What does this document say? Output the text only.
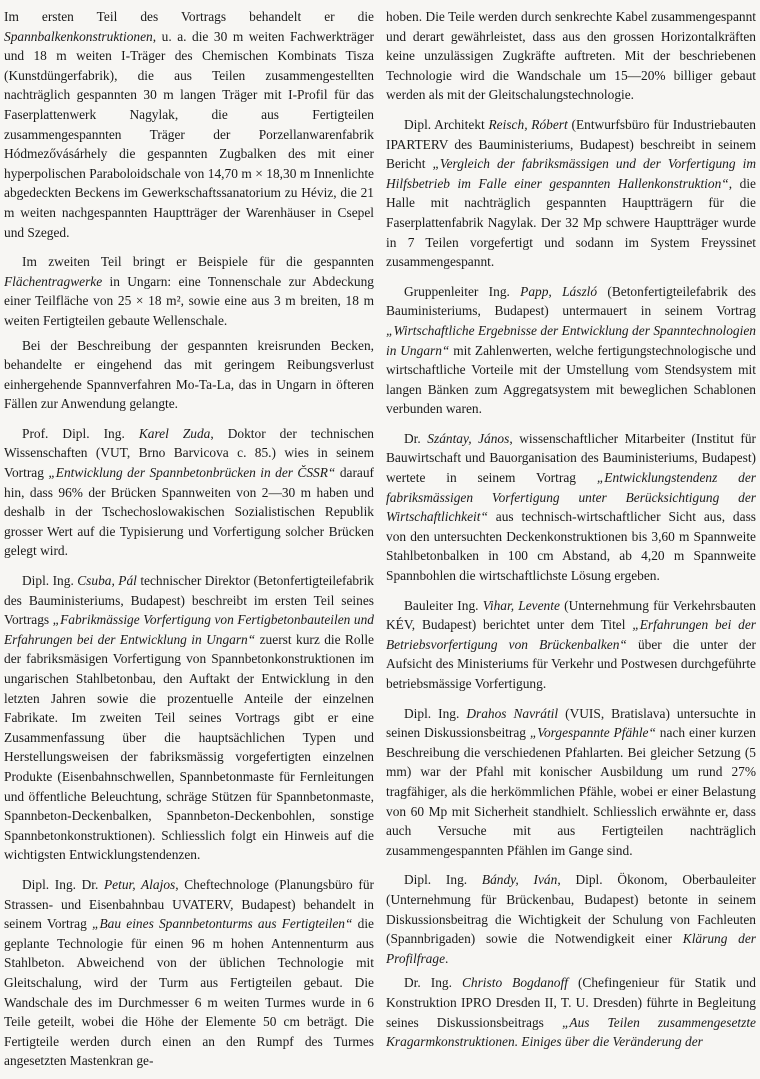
Im ersten Teil des Vortrags behandelt er die Spannbalkenkonstruktionen, u. a. die 30 m weiten Fachwerkträger und 18 m weiten I-Träger des Chemischen Kombinats Tisza (Kunstdüngerfabrik), die aus Teilen zusammengestellten nachträglich gespannten 30 m langen Träger mit I-Profil für das Faserplattenwerk Nagylak, die aus Fertigteilen zusammengespannten Träger der Porzellanwarenfabrik Hódmezővásárhely die gespannten Zugbalken des mit einer hyperpolischen Paraboloidschale von 14,70 m × 18,30 m Innenlichte abgedeckten Beckens im Gewerkschaftssanatorium zu Héviz, die 21 m weiten nachgespannten Hauptträger der Warenhäuser in Csepel und Szeged.

Im zweiten Teil bringt er Beispiele für die gespannten Flächentragwerke in Ungarn: eine Tonnenschale zur Abdeckung einer Teilfläche von 25 × 18 m², sowie eine aus 3 m breiten, 18 m weiten Fertigteilen gebaute Wellenschale.

Bei der Beschreibung der gespannten kreisrunden Becken, behandelte er eingehend das mit geringem Reibungsverlust einhergehende Spannverfahren Mo-Ta-La, das in Ungarn in öfteren Fällen zur Anwendung gelangte.

Prof. Dipl. Ing. Karel Zuda, Doktor der technischen Wissenschaften (VUT, Brno Barvicova c. 85.) wies in seinem Vortrag „Entwicklung der Spannbetonbrücken in der ČSSR“ darauf hin, dass 96% der Brücken Spannweiten von 2—30 m haben und deshalb in der Tschechoslowakischen Sozialistischen Republik grosser Wert auf die Typisierung und Vorfertigung solcher Brücken gelegt wird.

Dipl. Ing. Csuba, Pál technischer Direktor (Betonfertigteilefabrik des Bauministeriums, Budapest) beschreibt im ersten Teil seines Vortrags „Fabrikmässige Vorfertigung von Fertigbetonbauteilen und Erfahrungen bei der Entwicklung in Ungarn“ zuerst kurz die Rolle der fabriksmäsigen Vorfertigung von Spannbetonkonstruktionen im ungarischen Stahlbetonbau, den Auftakt der Entwicklung in den letzten Jahren sowie die prozentuelle Anteile der einzelnen Fabrikate. Im zweiten Teil seines Vortrags gibt er eine Zusammenfassung über die hauptsächlichen Typen und Herstellungsweisen der fabriksmässig vorgefertigten einzelnen Produkte (Eisenbahnschwellen, Spannbetonmaste für Fernleitungen und öffentliche Beleuchtung, schräge Stützen für Spannbetonmaste, Spannbeton-Deckenbalken, Spannbeton-Deckenbohlen, sonstige Spannbetonkonstruktionen). Schliesslich folgt ein Hinweis auf die wichtigsten Entwicklungstendenzen.

Dipl. Ing. Dr. Petur, Alajos, Cheftechnologe (Planungsbüro für Strassen- und Eisenbahnbau UVATERV, Budapest) behandelt in seinem Vortrag „Bau eines Spannbetonturms aus Fertigteilen“ die geplante Technologie für einen 96 m hohen Antennenturm aus Stahlbeton. Abweichend von der üblichen Technologie mit Gleitschalung, wird der Turm aus Fertigteilen gebaut. Die Wandschale des im Durchmesser 6 m weiten Turmes wurde in 6 Teile geteilt, wobei die Höhe der Elemente 50 cm beträgt. Die Fertigteile werden durch einen an den Rumpf des Turmes angesetzten Mastenkran ge-

hoben. Die Teile werden durch senkrechte Kabel zusammengespannt und derart gewährleistet, dass aus den grossen Horizontalkräften keine unzulässigen Zugkräfte auftreten. Mit der beschriebenen Technologie wird die Wandschale um 15—20% billiger gebaut werden als mit der Gleitschalungstechnologie.

Dipl. Architekt Reisch, Róbert (Entwurfsbüro für Industriebauten IPARTERV des Bauministeriums, Budapest) beschreibt in seinem Bericht „Vergleich der fabriksmässigen und der Vorfertigung im Hilfsbetrieb im Falle einer gespannten Hallenkonstruktion“, die Halle mit nachträglich gespannten Hauptträgern für die Faserplattenfabrik Nagylak. Der 32 Mp schwere Hauptträger wurde in 7 Teilen vorgefertigt und sodann im System Freyssinet zusammengespannt.

Gruppenleiter Ing. Papp, László (Betonfertigteilefabrik des Bauministeriums, Budapest) untermauert in seinem Vortrag „Wirtschaftliche Ergebnisse der Entwicklung der Spanntechnologien in Ungarn“ mit Zahlenwerten, welche fertigungstechnologische und wirtschaftliche Vorteile mit der Umstellung vom Stendsystem mit langen Bänken zum Aggregatsystem mit beweglichen Schablonen verbunden waren.

Dr. Szántay, János, wissenschaftlicher Mitarbeiter (Institut für Bauwirtschaft und Bauorganisation des Bauministeriums, Budapest) wertete in seinem Vortrag „Entwicklungstendenz der fabriksmässigen Vorfertigung unter Berücksichtigung der Wirtschaftlichkeit“ aus technisch-wirtschaftlicher Sicht aus, dass von den untersuchten Deckenkonstruktionen bis 3,60 m Spannweite Stahlbetonbalken in 100 cm Abstand, ab 4,20 m Spannweite Spannbohlen die wirtschaftlichste Lösung ergeben.

Bauleiter Ing. Vihar, Levente (Unternehmung für Verkehrsbauten KÉV, Budapest) berichtet unter dem Titel „Erfahrungen bei der Betriebsvorfertigung von Brückenbalken“ über die unter der Aufsicht des Ministeriums für Verkehr und Postwesen durchgeführte betriebsmässige Vorfertigung.

Dipl. Ing. Drahos Navrátil (VUIS, Bratislava) untersuchte in seinen Diskussionsbeitrag „Vorgespannte Pfähle“ nach einer kurzen Beschreibung die verschiedenen Pfahlarten. Bei gleicher Setzung (5 mm) war der Pfahl mit konischer Ausbildung um rund 27% tragfähiger, als die herkömmlichen Pfähle, wobei er einer Belastung von 60 Mp mit Sicherheit standhielt. Schliesslich erwähnte er, dass auch Versuche mit aus Fertigteilen nachträglich zusammengespannten Pfählen im Gange sind.

Dipl. Ing. Bándy, Iván, Dipl. Ökonom, Oberbauleiter (Unternehmung für Brückenbau, Budapest) betonte in seinem Diskussionsbeitrag die Wichtigkeit der Schulung von Fachleuten (Spannbrigaden) sowie die Notwendigkeit einer Klärung der Profilfrage.

Dr. Ing. Christo Bogdanoff (Chefingenieur für Statik und Konstruktion IPRO Dresden II, T. U. Dresden) führte in Begleitung seines Diskussionsbeitrags „Aus Teilen zusammengesetzte Kragarmkonstruktionen. Einiges über die Veränderung der
